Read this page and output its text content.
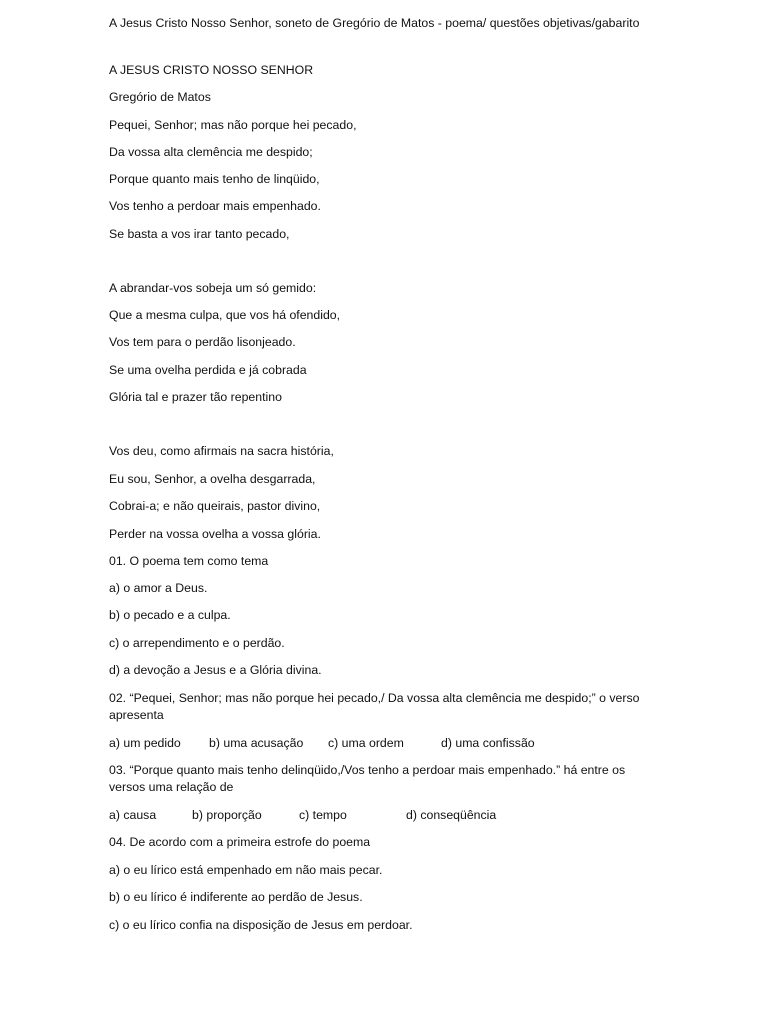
A Jesus Cristo Nosso Senhor, soneto de Gregório de Matos - poema/ questões objetivas/gabarito
A JESUS CRISTO NOSSO SENHOR
Gregório de Matos
Pequei, Senhor; mas não porque hei pecado,
Da vossa alta clemência me despido;
Porque quanto mais tenho de linqüido,
Vos tenho a perdoar mais empenhado.
Se basta a vos irar tanto pecado,
A abrandar-vos sobeja um só gemido:
Que a mesma culpa, que vos há ofendido,
Vos tem para o perdão lisonjeado.
Se uma ovelha perdida e já cobrada
Glória tal e prazer tão repentino
Vos deu, como afirmais na sacra história,
Eu sou, Senhor, a ovelha desgarrada,
Cobrai-a; e não queirais, pastor divino,
Perder na vossa ovelha a vossa glória.
01. O poema tem como tema
a) o amor a Deus.
b) o pecado e a culpa.
c) o arrependimento e o perdão.
d) a devoção a Jesus e a Glória divina.
02. “Pequei, Senhor; mas não porque hei pecado,/ Da vossa alta clemência me despido;” o verso apresenta
a) um pedido b) uma acusação c) uma ordem	d) uma confissão
03. “Porque quanto mais tenho delinqüido,/Vos tenho a perdoar mais empenhado.” há entre os versos uma relação de
a) causa	b) proporção	c) tempo	d) conseqüência
04. De acordo com a primeira estrofe do poema
a) o eu lírico está empenhado em não mais pecar.
b) o eu lírico é indiferente ao perdão de Jesus.
c) o eu lírico confia na disposição de Jesus em perdoar.
